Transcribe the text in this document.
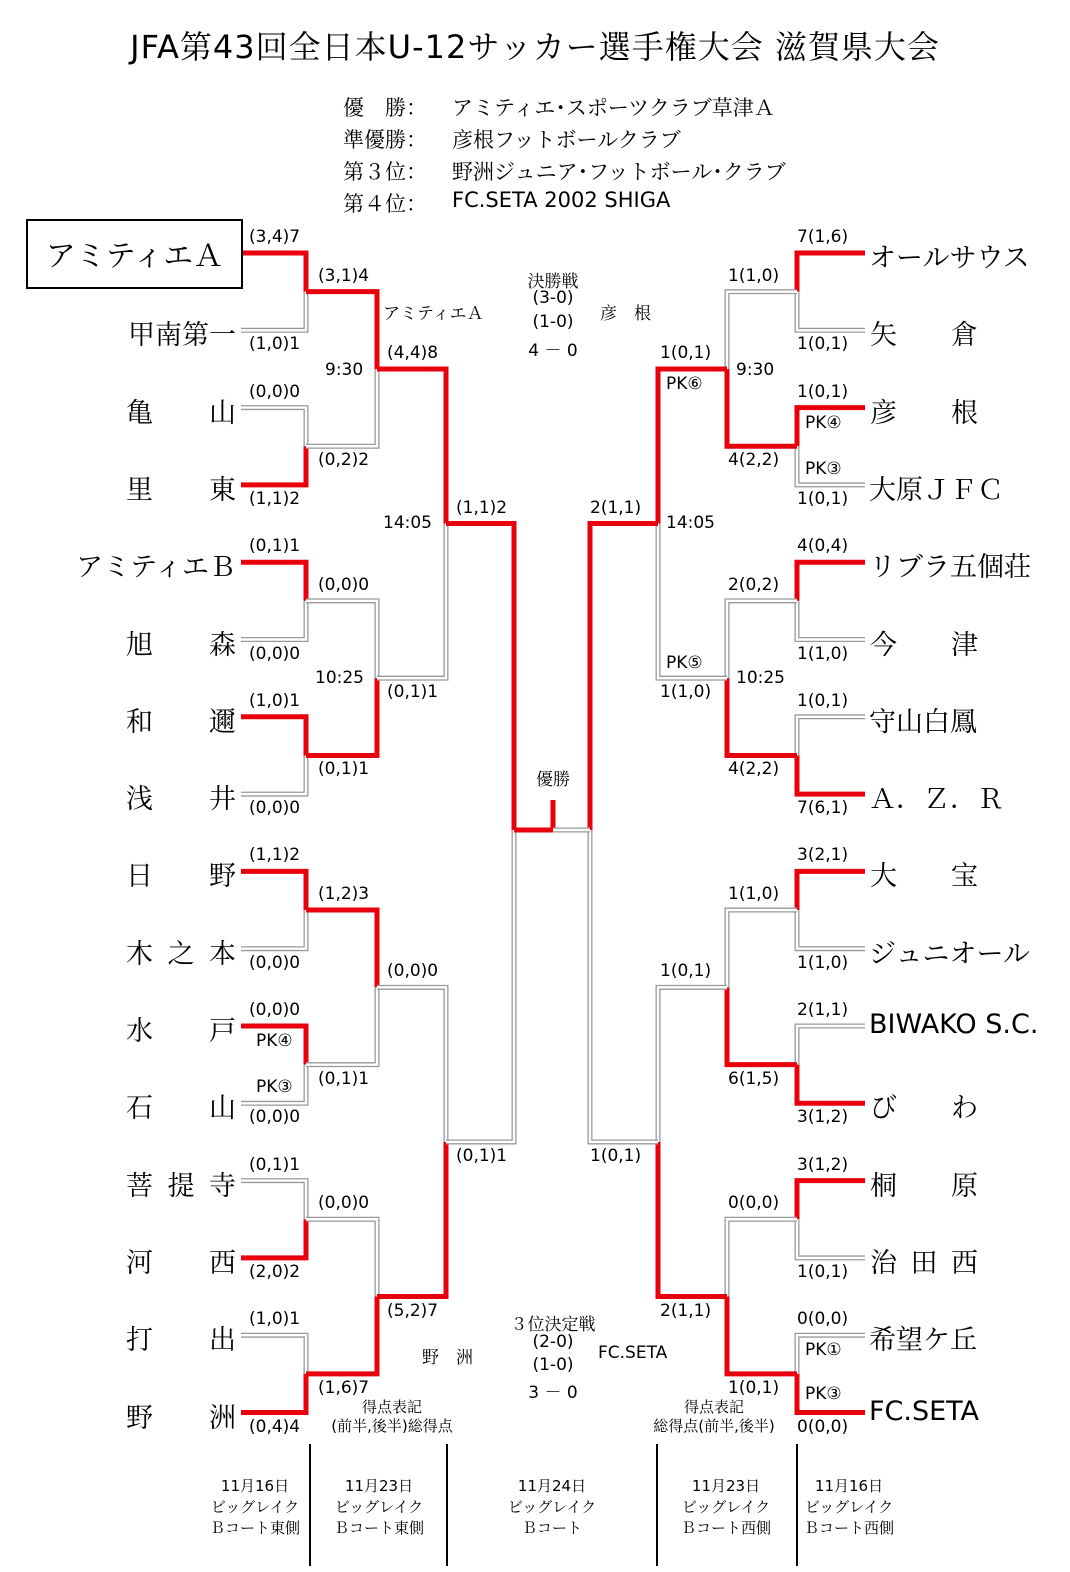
JFA第43回全日本U-12サッカー選手権大会 滋賀県大会
優　勝： アミティエ･スポーツクラブ草津Ａ
準優勝： 彦根フットボールクラブ
第３位： 野洲ジュニア･フットボール･クラブ
第４位： FC.SETA 2002 SHIGA
アミティエＡ
甲南第一
亀山
里東
アミティエＢ
旭森
和邇
浅井
日野
木之本
水戸
石山
菩提寺
河西
打出
野洲
オールサウス
矢倉
彦根
大原ＪＦＣ
リブラ五個荘
今津
守山白鳳
Ａ．Ｚ．Ｒ
大宝
ジュニオール
BIWAKO S.C.
びわ
桐原
治田西
希望ケ丘
FC.SETA
(3,4)7
(1,0)1
(0,0)0
(1,1)2
(0,1)1
(0,0)0
(1,0)1
(0,0)0
(1,1)2
(0,0)0
(0,0)0
(0,0)0
(0,1)1
(2,0)2
(1,0)1
(0,4)4
7(1,6)
1(0,1)
1(0,1)
1(0,1)
4(0,4)
1(1,0)
1(0,1)
7(6,1)
3(2,1)
1(1,0)
2(1,1)
3(1,2)
3(1,2)
1(0,1)
0(0,0)
0(0,0)
(3,1)4
(0,2)2
(0,0)0
(0,1)1
(1,2)3
(0,1)1
(0,0)0
(1,6)7
1(1,0)
4(2,2)
2(0,2)
4(2,2)
1(1,0)
6(1,5)
0(0,0)
1(0,1)
(4,4)8
(0,1)1
(0,0)0
(5,2)7
1(0,1)
1(1,0)
1(0,1)
2(1,1)
(1,1)2
(0,1)1
2(1,1)
1(0,1)
9:30
10:25
14:05
9:30
10:25
14:05
PK④
PK③
PK④
PK③
PK⑥
PK⑤
PK①
PK③
決勝戦
アミティエＡ
(3-0)
(1-0)	彦　根
4 － 0
優勝
３位決定戦
野　洲
(2-0)
(1-0)
FC.SETA
3 － 0
得点表記
(前半,後半)総得点
得点表記
総得点(前半,後半)
11月16日
ビッグレイク
Ｂコート東側
11月23日
ビッグレイク
Ｂコート東側
11月24日
ビッグレイク
Ｂコート
11月23日
ビッグレイク
Ｂコート西側
11月16日
ビッグレイク
Ｂコート西側
